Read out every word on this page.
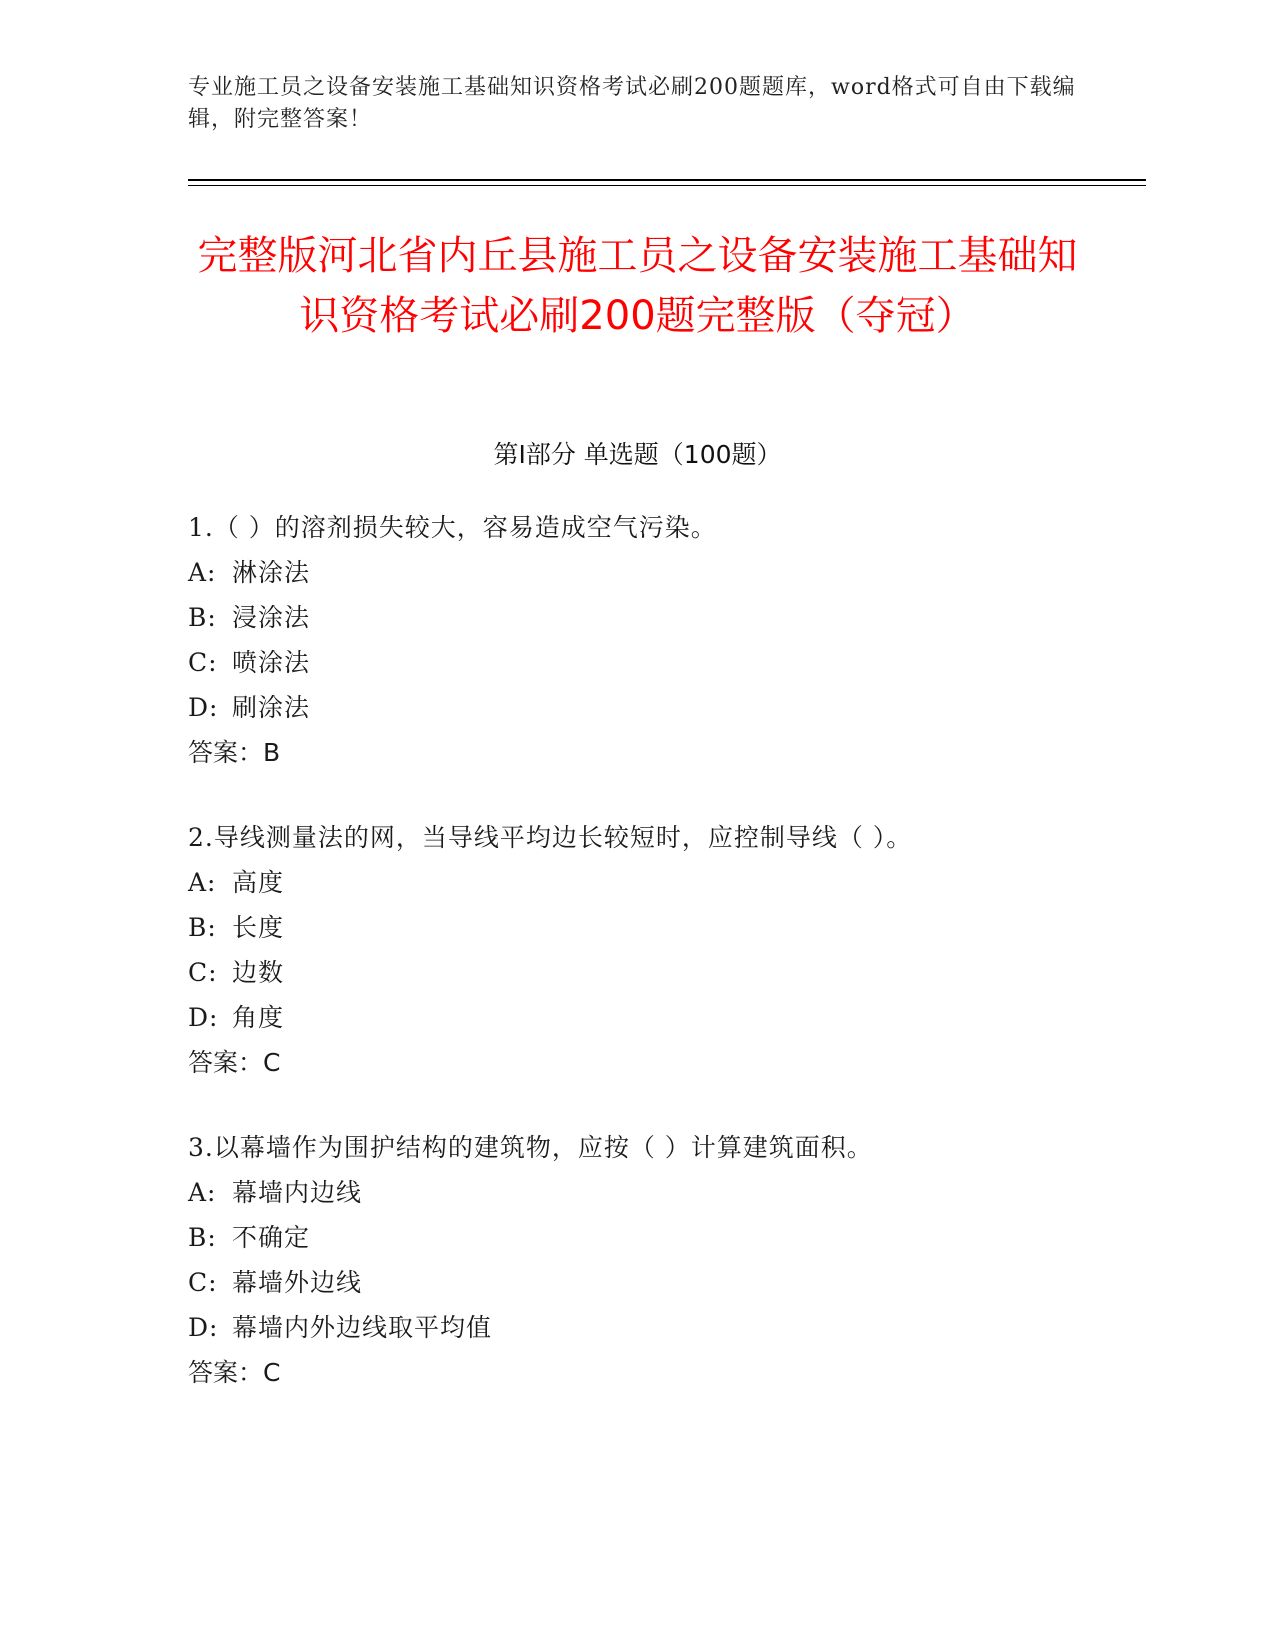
专业施工员之设备安装施工基础知识资格考试必刷200题题库，word格式可自由下载编辑，附完整答案！
完整版河北省内丘县施工员之设备安装施工基础知识资格考试必刷200题完整版（夺冠）
第Ⅰ部分 单选题（100题）

1.（ ）的溶剂损失较大，容易造成空气污染。

A: 淋涂法

B: 浸涂法

C: 喷涂法

D: 刷涂法

答案：B

2.导线测量法的网，当导线平均边长较短时，应控制导线（ ）。

A: 高度

B: 长度

C: 边数

D: 角度

答案：C

3.以幕墙作为围护结构的建筑物，应按（ ）计算建筑面积。

A: 幕墙内边线

B: 不确定

C: 幕墙外边线

D: 幕墙内外边线取平均值

答案：C
